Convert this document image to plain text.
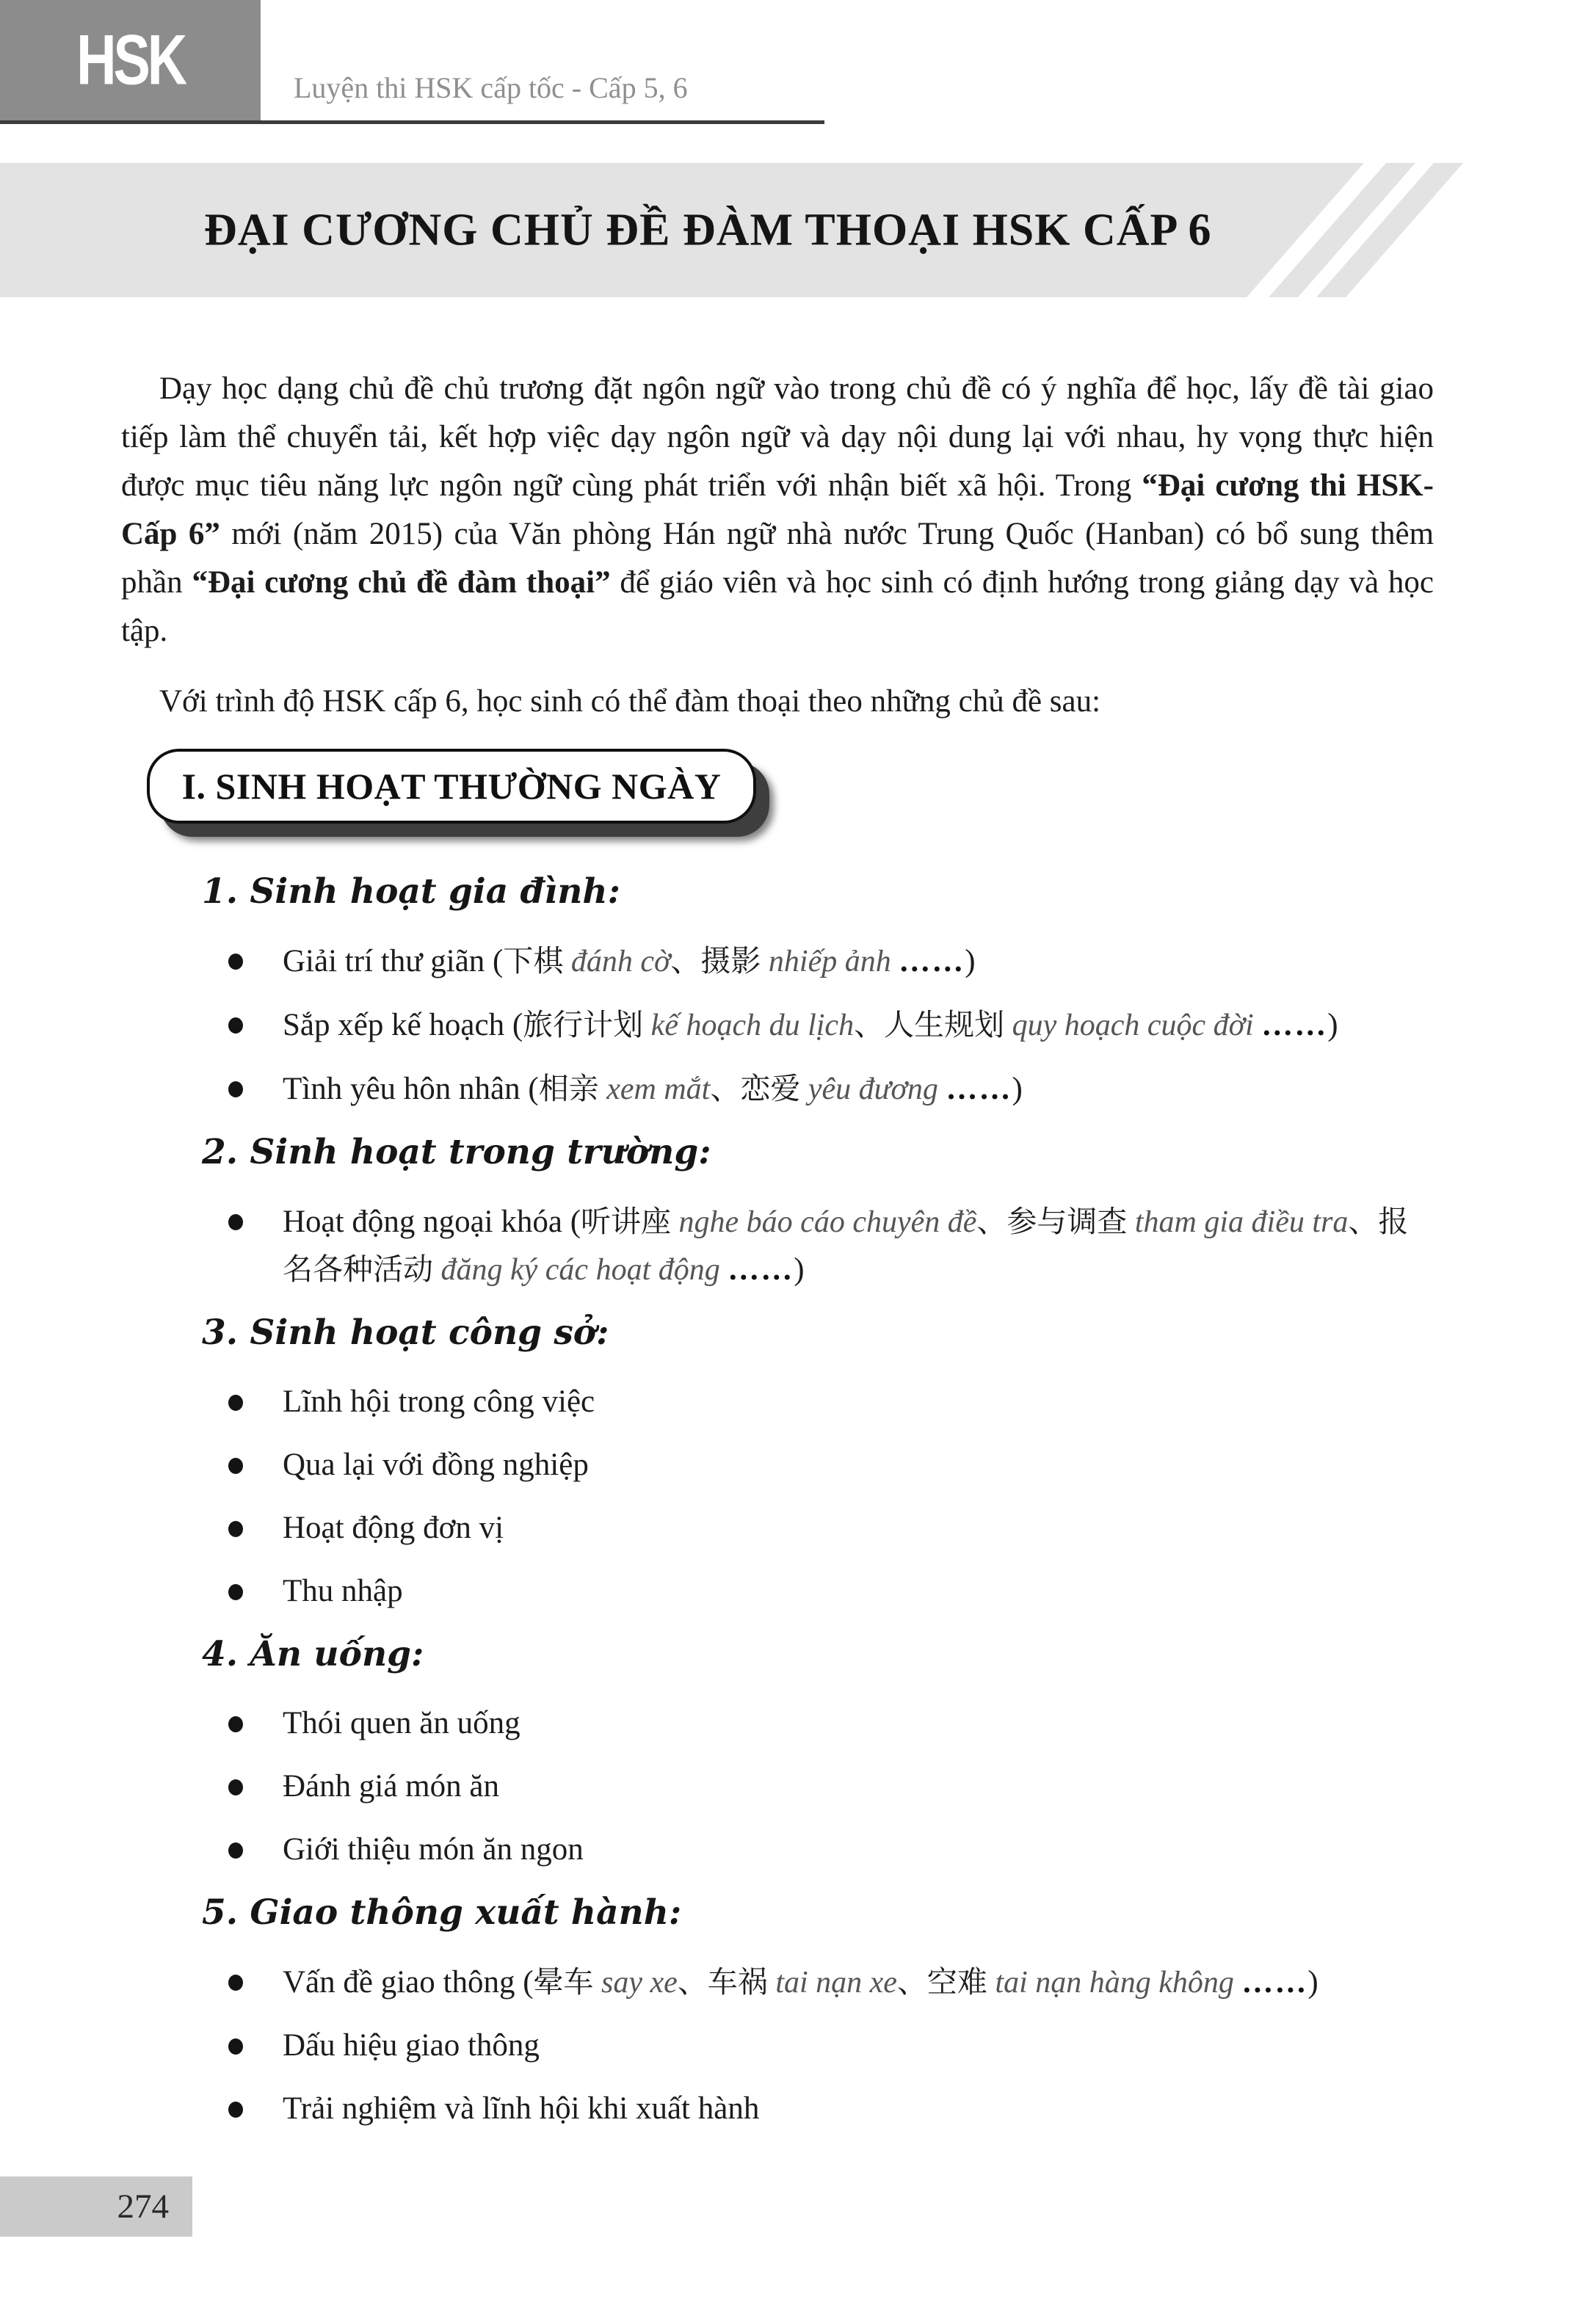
HSK	Luyện thi HSK cấp tốc - Cấp 5, 6
ĐẠI CƯƠNG CHỦ ĐỀ ĐÀM THOẠI HSK CẤP 6

Dạy học dạng chủ đề chủ trương đặt ngôn ngữ vào trong chủ đề có ý nghĩa để học, lấy đề tài giao tiếp làm thể chuyển tải, kết hợp việc dạy ngôn ngữ và dạy nội dung lại với nhau, hy vọng thực hiện được mục tiêu năng lực ngôn ngữ cùng phát triển với nhận biết xã hội. Trong “Đại cương thi HSK-Cấp 6” mới (năm 2015) của Văn phòng Hán ngữ nhà nước Trung Quốc (Hanban) có bổ sung thêm phần “Đại cương chủ đề đàm thoại” để giáo viên và học sinh có định hướng trong giảng dạy và học tập.

Với trình độ HSK cấp 6, học sinh có thể đàm thoại theo những chủ đề sau:

I. SINH HOẠT THƯỜNG NGÀY
1. Sinh hoạt gia đình:
Giải trí thư giãn (下棋 đánh cờ、摄影 nhiếp ảnh ……)
Sắp xếp kế hoạch (旅行计划 kế hoạch du lịch、人生规划 quy hoạch cuộc đời ……)
Tình yêu hôn nhân (相亲 xem mắt、恋爱 yêu đương ……)
2. Sinh hoạt trong trường:
Hoạt động ngoại khóa (听讲座 nghe báo cáo chuyên đề、参与调查 tham gia điều tra、报名各种活动 đăng ký các hoạt động ……)
3. Sinh hoạt công sở:
Lĩnh hội trong công việc
Qua lại với đồng nghiệp
Hoạt động đơn vị
Thu nhập
4. Ăn uống:
Thói quen ăn uống
Đánh giá món ăn
Giới thiệu món ăn ngon
5. Giao thông xuất hành:
Vấn đề giao thông (晕车 say xe、车祸 tai nạn xe、空难 tai nạn hàng không ……)
Dấu hiệu giao thông
Trải nghiệm và lĩnh hội khi xuất hành
274
